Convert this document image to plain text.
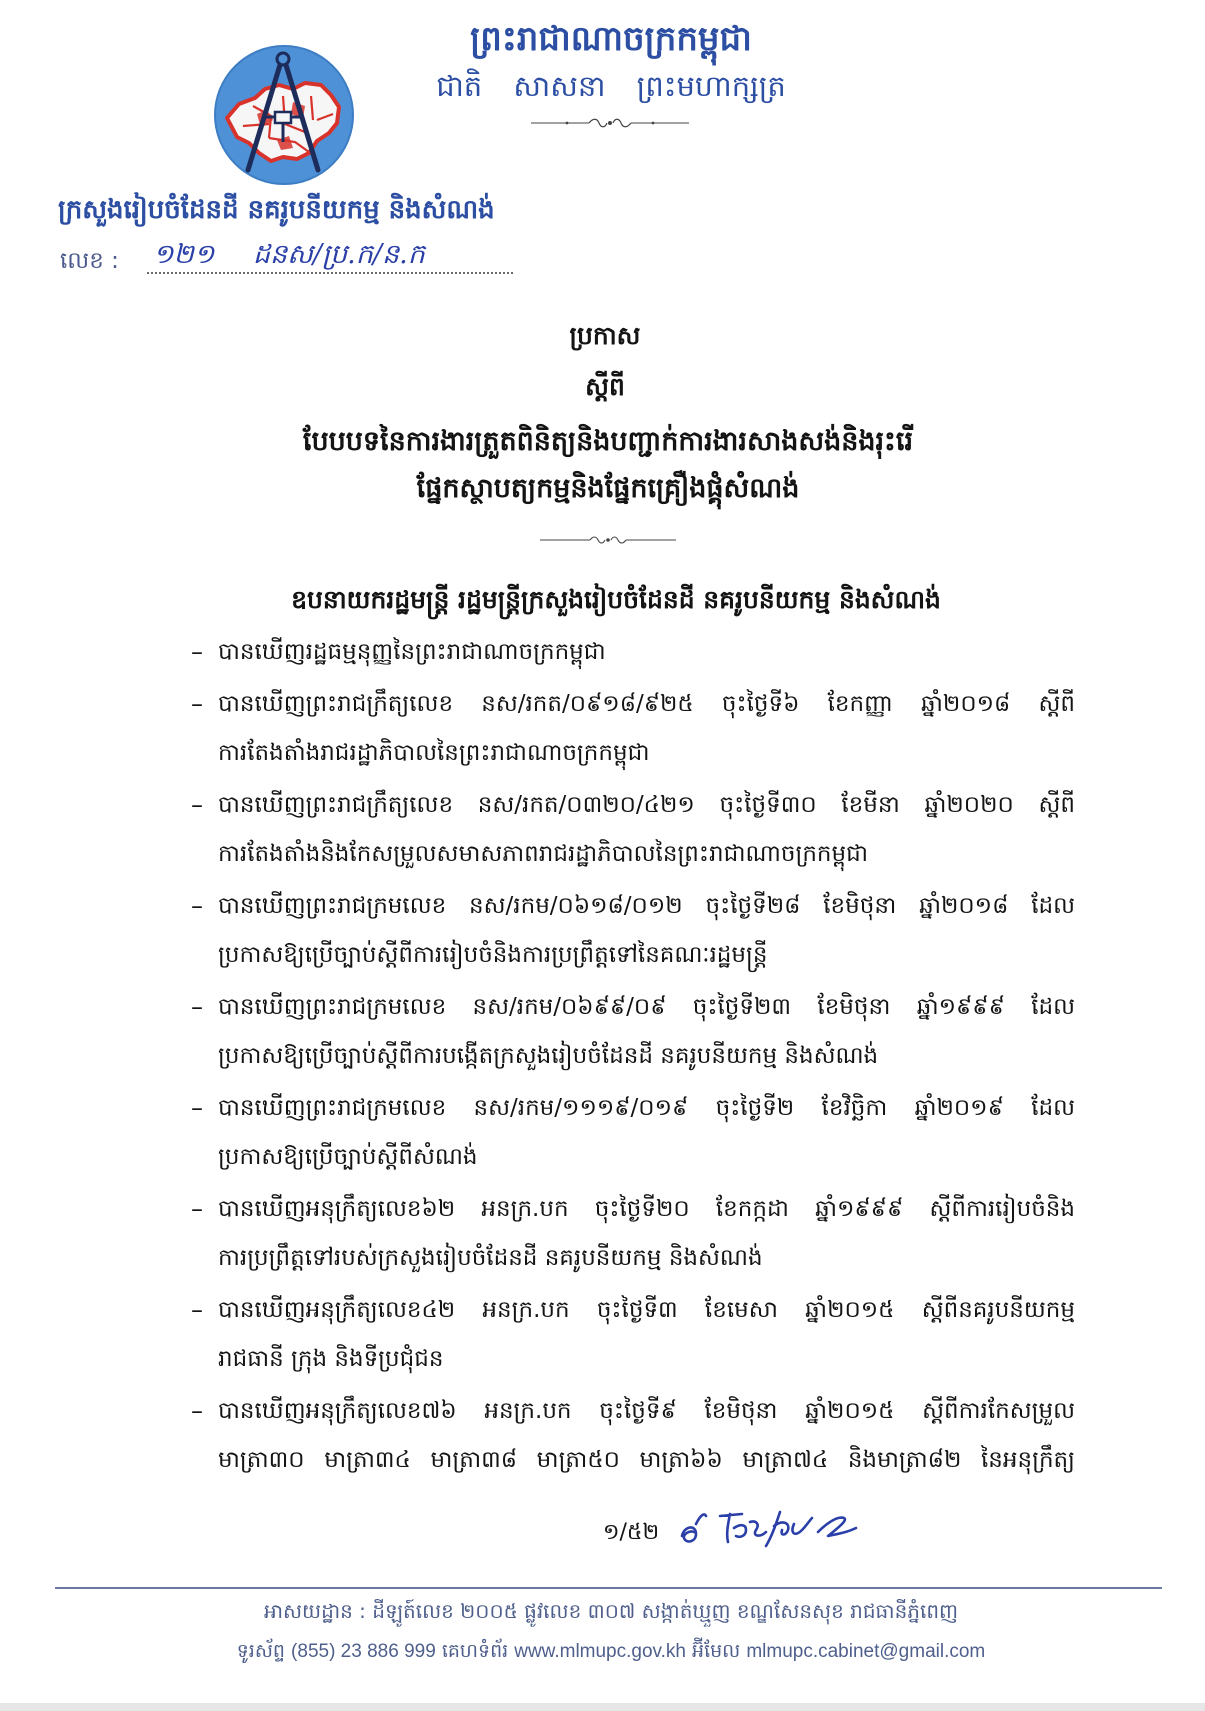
ព្រះរាជាណាចក្រកម្ពុជា
ជាតិ សាសនា ព្រះមហាក្សត្រ
ក្រសួងរៀបចំដែនដី នគរូបនីយកម្ម និងសំណង់
លេខ :	១២១ ដនស/ប្រ.ក/ន.ក
ប្រកាស
ស្តីពី
បែបបទនៃការងារត្រួតពិនិត្យនិងបញ្ជាក់ការងារសាងសង់និងរុះរើ
ផ្នែកស្ថាបត្យកម្មនិងផ្នែកគ្រឿងផ្គុំសំណង់
ឧបនាយករដ្ឋមន្ត្រី រដ្ឋមន្ត្រីក្រសួងរៀបចំដែនដី នគរូបនីយកម្ម និងសំណង់
– បានឃើញរដ្ឋធម្មនុញ្ញនៃព្រះរាជាណាចក្រកម្ពុជា
– បានឃើញព្រះរាជក្រឹត្យលេខ នស/រកត/០៩១៨/៩២៥ ចុះថ្ងៃទី៦ ខែកញ្ញា ឆ្នាំ២០១៨ ស្តីពី
ការតែងតាំងរាជរដ្ឋាភិបាលនៃព្រះរាជាណាចក្រកម្ពុជា
– បានឃើញព្រះរាជក្រឹត្យលេខ នស/រកត/០៣២០/៤២១ ចុះថ្ងៃទី៣០ ខែមីនា ឆ្នាំ២០២០ ស្តីពី
ការតែងតាំងនិងកែសម្រួលសមាសភាពរាជរដ្ឋាភិបាលនៃព្រះរាជាណាចក្រកម្ពុជា
– បានឃើញព្រះរាជក្រមលេខ នស/រកម/០៦១៨/០១២ ចុះថ្ងៃទី២៨ ខែមិថុនា ឆ្នាំ២០១៨ ដែល
ប្រកាសឱ្យប្រើច្បាប់ស្តីពីការរៀបចំនិងការប្រព្រឹត្តទៅនៃគណៈរដ្ឋមន្ត្រី
– បានឃើញព្រះរាជក្រមលេខ នស/រកម/០៦៩៩/០៩ ចុះថ្ងៃទី២៣ ខែមិថុនា ឆ្នាំ១៩៩៩ ដែល
ប្រកាសឱ្យប្រើច្បាប់ស្តីពីការបង្កើតក្រសួងរៀបចំដែនដី នគរូបនីយកម្ម និងសំណង់
– បានឃើញព្រះរាជក្រមលេខ នស/រកម/១១១៩/០១៩ ចុះថ្ងៃទី២ ខែវិច្ឆិកា ឆ្នាំ២០១៩ ដែល
ប្រកាសឱ្យប្រើច្បាប់ស្តីពីសំណង់
– បានឃើញអនុក្រឹត្យលេខ៦២ អនក្រ.បក ចុះថ្ងៃទី២០ ខែកក្កដា ឆ្នាំ១៩៩៩ ស្តីពីការរៀបចំនិង
ការប្រព្រឹត្តទៅរបស់ក្រសួងរៀបចំដែនដី នគរូបនីយកម្ម និងសំណង់
– បានឃើញអនុក្រឹត្យលេខ៤២ អនក្រ.បក ចុះថ្ងៃទី៣ ខែមេសា ឆ្នាំ២០១៥ ស្តីពីនគរូបនីយកម្ម
រាជធានី ក្រុង និងទីប្រជុំជន
– បានឃើញអនុក្រឹត្យលេខ៧៦ អនក្រ.បក ចុះថ្ងៃទី៩ ខែមិថុនា ឆ្នាំ២០១៥ ស្តីពីការកែសម្រួល
មាត្រា៣០ មាត្រា៣៤ មាត្រា៣៨ មាត្រា៥០ មាត្រា៦៦ មាត្រា៧៤ និងមាត្រា៨២ នៃអនុក្រឹត្យ
១/៥២
អាសយដ្ឋាន : ដីឡូត៍លេខ ២០០៥ ផ្លូវលេខ ៣០៧ សង្កាត់ឃ្មួញ ខណ្ឌសែនសុខ រាជធានីភ្នំពេញ
ទូរស័ព្ទ (855) 23 886 999 គេហទំព័រ www.mlmupc.gov.kh អ៊ីមែល mlmupc.cabinet@gmail.com
